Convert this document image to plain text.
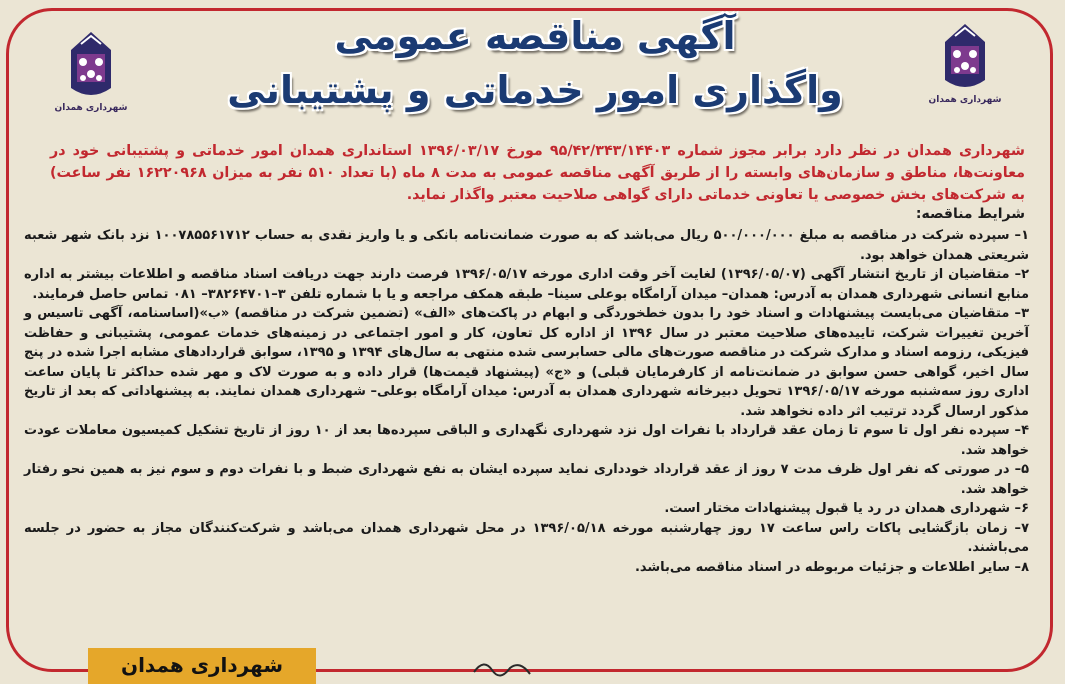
شهرداری همدان
شهرداری همدان
آگهی مناقصه عمومی
واگذاری امور خدماتی و پشتیبانی
شهرداری همدان در نظر دارد برابر مجوز شماره ۹۵/۴۲/۳۴۳/۱۴۴۰۳ مورخ ۱۳۹۶/۰۳/۱۷ استانداری همدان امور خدماتی و پشتیبانی خود در معاونت‌ها، مناطق و سازمان‌های وابسته را از طریق آگهی مناقصه عمومی به مدت ۸ ماه (با تعداد ۵۱۰ نفر به میزان ۱۶۲۲۰۹۶۸ نفر ساعت) به شرکت‌های بخش خصوصی یا تعاونی خدماتی دارای گواهی صلاحیت معتبر واگذار نماید.
شرایط مناقصه:

۱– سپرده شرکت در مناقصه به مبلغ ۵۰۰/۰۰۰/۰۰۰ ریال می‌باشد که به صورت ضمانت‌نامه بانکی و یا واریز نقدی به حساب ۱۰۰۷۸۵۵۶۱۷۱۲ نزد بانک شهر شعبه شریعتی همدان خواهد بود.

۲– متقاضیان از تاریخ انتشار آگهی (۱۳۹۶/۰۵/۰۷) لغایت آخر وقت اداری مورخه ۱۳۹۶/۰۵/۱۷ فرصت دارند جهت دریافت اسناد مناقصه و اطلاعات بیشتر به اداره منابع انسانی شهرداری همدان به آدرس: همدان– میدان آرامگاه بوعلی سینا– طبقه همکف مراجعه و یا با شماره تلفن ۳–۳۸۲۶۴۷۰۱– ۰۸۱ تماس حاصل فرمایند.

۳– متقاضیان می‌بایست پیشنهادات و اسناد خود را بدون خطخوردگی و ابهام در پاکت‌های «الف» (تضمین شرکت در مناقصه) «ب»(اساسنامه، آگهی تاسیس و آخرین تغییرات شرکت، تاییده‌های صلاحیت معتبر در سال ۱۳۹۶ از اداره کل تعاون، کار و امور اجتماعی در زمینه‌های خدمات عمومی، پشتیبانی و حفاظت فیزیکی، رزومه اسناد و مدارک شرکت در مناقصه صورت‌های مالی حسابرسی شده منتهی به سال‌های ۱۳۹۴ و ۱۳۹۵، سوابق قراردادهای مشابه اجرا شده در پنج سال اخیر، گواهی حسن سوابق در ضمانت‌نامه از کارفرمایان قبلی) و «ج» (پیشنهاد قیمت‌ها) قرار داده و به صورت لاک و مهر شده حداکثر تا پایان ساعت اداری روز سه‌شنبه مورخه ۱۳۹۶/۰۵/۱۷ تحویل دبیرخانه شهرداری همدان به آدرس: میدان آرامگاه بوعلی– شهرداری همدان نمایند. به پیشنهاداتی که بعد از تاریخ مذکور ارسال گردد ترتیب اثر داده نخواهد شد.

۴– سپرده نفر اول تا سوم تا زمان عقد قرارداد با نفرات اول نزد شهرداری نگهداری و الباقی سپرده‌ها بعد از ۱۰ روز از تاریخ تشکیل کمیسیون معاملات عودت خواهد شد.

۵– در صورتی که نفر اول ظرف مدت ۷ روز از عقد قرارداد خودداری نماید سپرده ایشان به نفع شهرداری ضبط و با نفرات دوم و سوم نیز به همین نحو رفتار خواهد شد.

۶– شهرداری همدان در رد یا قبول پیشنهادات مختار است.

۷– زمان بازگشایی پاکات راس ساعت ۱۷ روز چهارشنبه مورخه ۱۳۹۶/۰۵/۱۸ در محل شهرداری همدان می‌باشد و شرکت‌کنندگان مجاز به حضور در جلسه می‌باشند.

۸– سایر اطلاعات و جزئیات مربوطه در اسناد مناقصه می‌باشد.

شهرداری همدان
